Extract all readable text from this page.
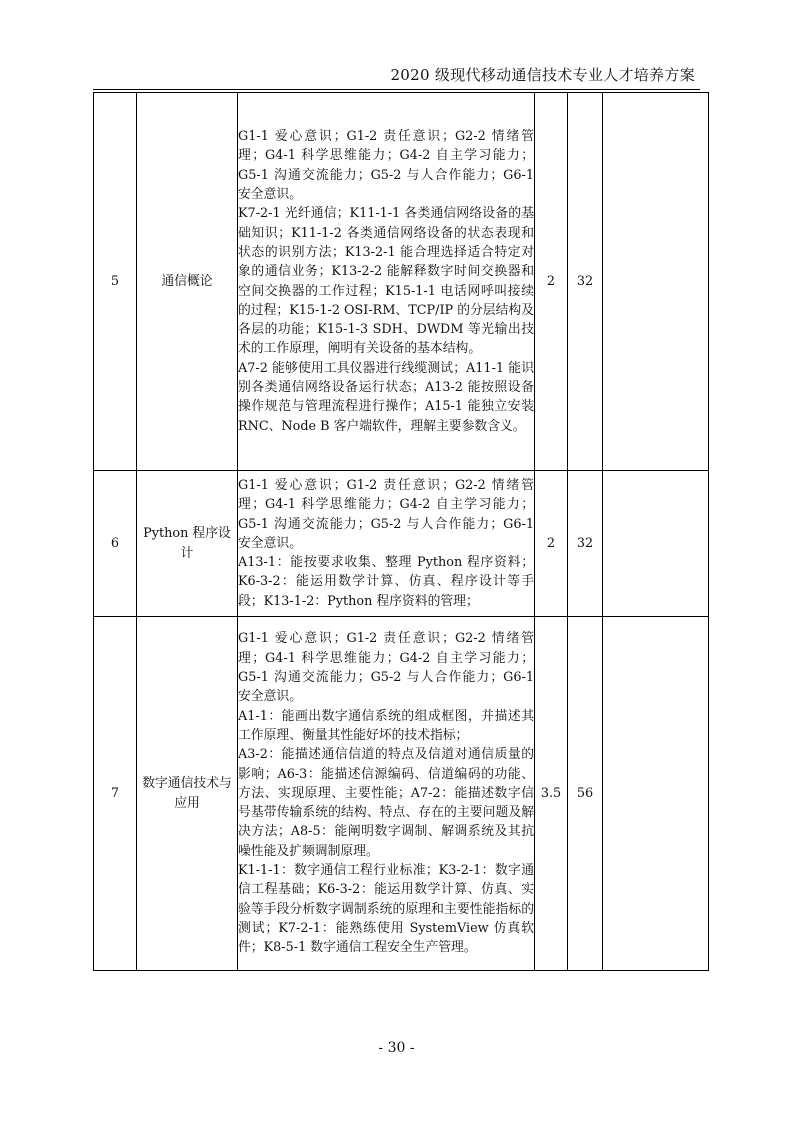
2020 级现代移动通信技术专业人才培养方案
5	通信概论	G1-1 爱心意识；G1-2 责任意识；G2-2 情绪管理；G4-1 科学思维能力；G4-2 自主学习能力；G5-1 沟通交流能力；G5-2 与人合作能力；G6-1 安全意识。
K7-2-1 光纤通信；K11-1-1 各类通信网络设备的基础知识；K11-1-2 各类通信网络设备的状态表现和状态的识别方法；K13-2-1 能合理选择适合特定对象的通信业务；K13-2-2 能解释数字时间交换器和空间交换器的工作过程；K15-1-1 电话网呼叫接续的过程；K15-1-2 OSI-RM、TCP/IP 的分层结构及各层的功能；K15-1-3 SDH、DWDM 等光输出技术的工作原理，阐明有关设备的基本结构。
A7-2 能够使用工具仪器进行线缆测试；A11-1 能识别各类通信网络设备运行状态；A13-2 能按照设备操作规范与管理流程进行操作；A15-1 能独立安装 RNC、Node B 客户端软件，理解主要参数含义。	2	32	
6	Python 程序设计	G1-1 爱心意识；G1-2 责任意识；G2-2 情绪管理；G4-1 科学思维能力；G4-2 自主学习能力；G5-1 沟通交流能力；G5-2 与人合作能力；G6-1 安全意识。
A13-1：能按要求收集、整理 Python 程序资料；K6-3-2：能运用数学计算、仿真、程序设计等手段；K13-1-2：Python 程序资料的管理；	2	32	
7	数字通信技术与应用	G1-1 爱心意识；G1-2 责任意识；G2-2 情绪管理；G4-1 科学思维能力；G4-2 自主学习能力；G5-1 沟通交流能力；G5-2 与人合作能力；G6-1 安全意识。
A1-1：能画出数字通信系统的组成框图，并描述其工作原理、衡量其性能好坏的技术指标；
A3-2：能描述通信信道的特点及信道对通信质量的影响；A6-3：能描述信源编码、信道编码的功能、方法、实现原理、主要性能；A7-2：能描述数字信号基带传输系统的结构、特点、存在的主要问题及解决方法；A8-5：能阐明数字调制、解调系统及其抗噪性能及扩频调制原理。
K1-1-1：数字通信工程行业标准；K3-2-1：数字通信工程基础；K6-3-2：能运用数学计算、仿真、实验等手段分析数字调制系统的原理和主要性能指标的测试；K7-2-1：能熟练使用 SystemView 仿真软件；K8-5-1 数字通信工程安全生产管理。	3.5	56	
- 30 -
